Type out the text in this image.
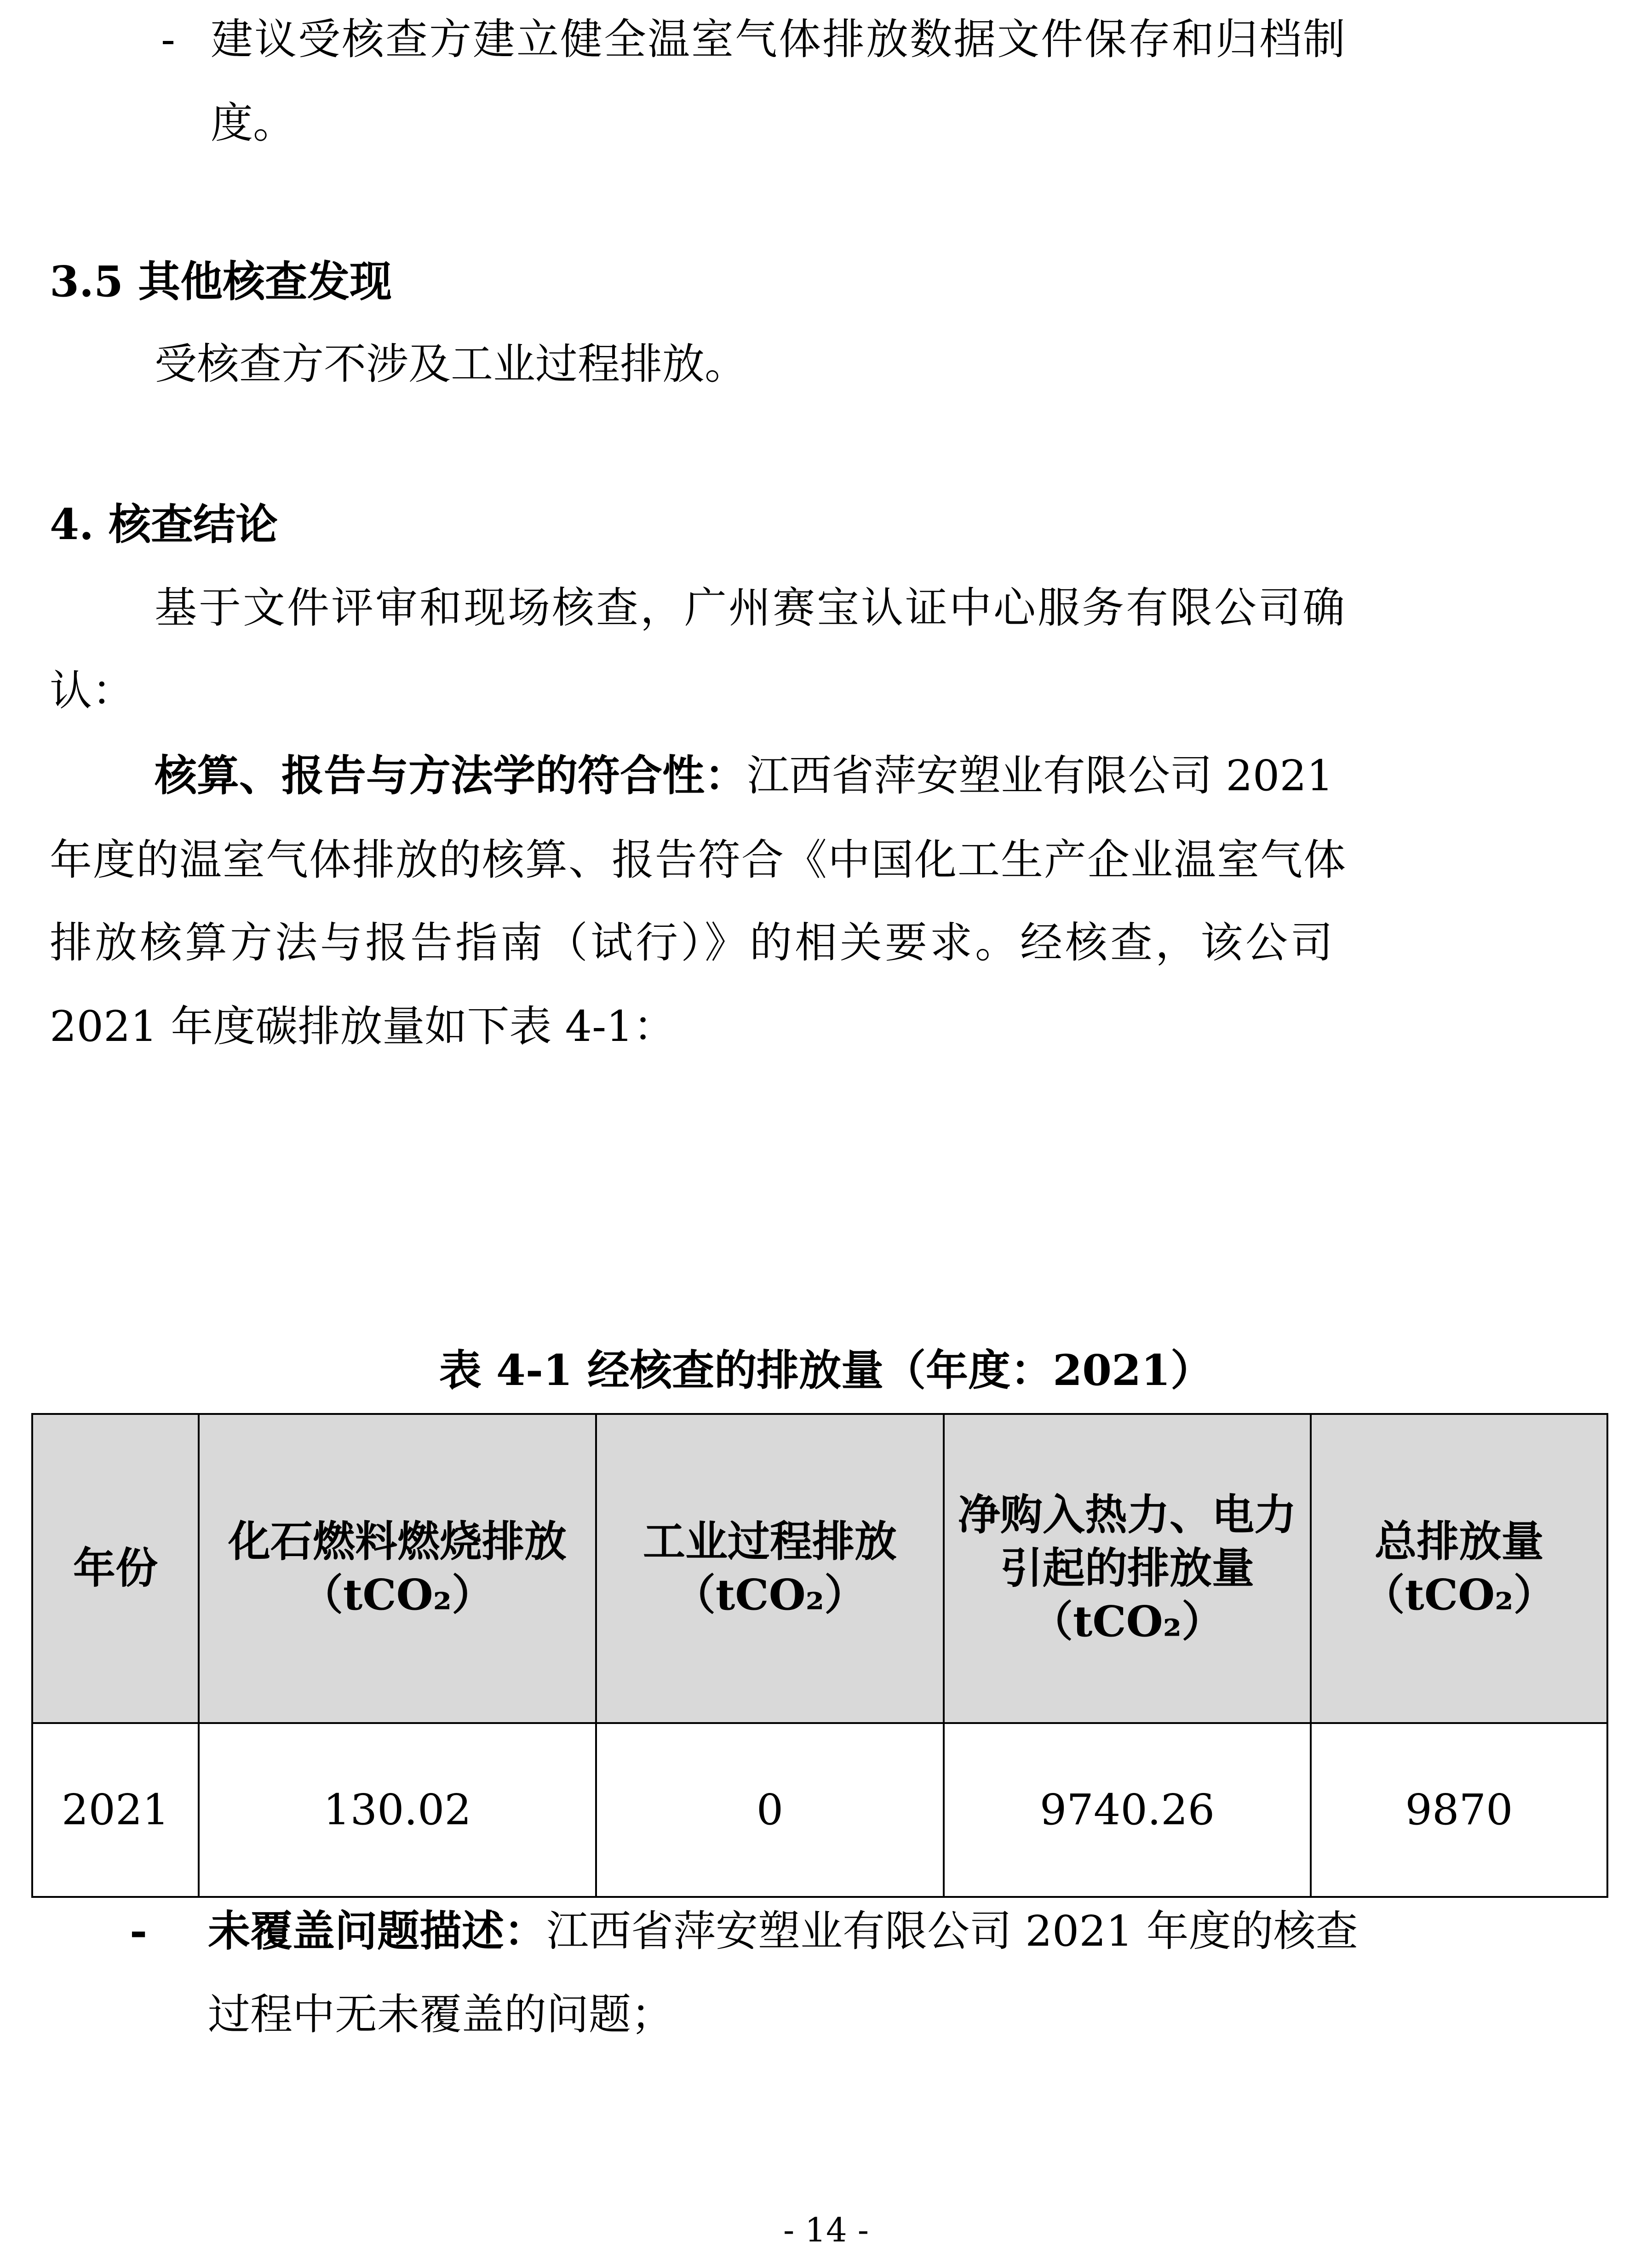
- 建议受核查方建立健全温室气体排放数据文件保存和归档制
度。
3.5 其他核查发现
受核查方不涉及工业过程排放。
4. 核查结论
基于文件评审和现场核查，广州赛宝认证中心服务有限公司确
认：
核算、报告与方法学的符合性：江西省萍安塑业有限公司 2021
年度的温室气体排放的核算、报告符合《中国化工生产企业温室气体
排放核算方法与报告指南（试行）》的相关要求。经核查，该公司
2021 年度碳排放量如下表 4-1：
表 4-1 经核查的排放量（年度：2021）
年份	化石燃料燃烧排放（tCO₂）	工业过程排放（tCO₂）	净购入热力、电力引起的排放量（tCO₂）	总排放量（tCO₂）
2021	130.02	0	9740.26	9870
- 未覆盖问题描述：江西省萍安塑业有限公司 2021 年度的核查
过程中无未覆盖的问题；
- 14 -
